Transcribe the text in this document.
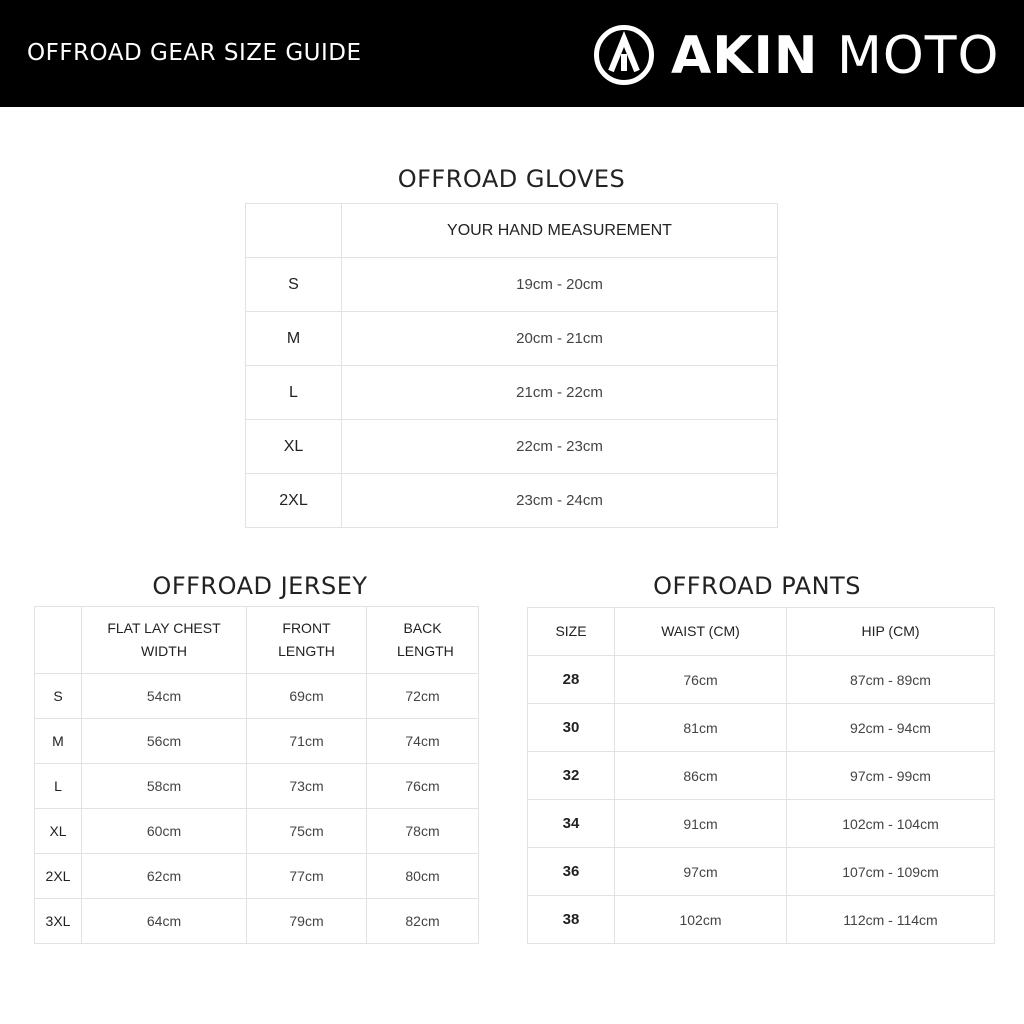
OFFROAD GEAR SIZE GUIDE	AKIN MOTO
OFFROAD GLOVES
	YOUR HAND MEASUREMENT
S	19cm - 20cm
M	20cm - 21cm
L	21cm - 22cm
XL	22cm - 23cm
2XL	23cm - 24cm
OFFROAD JERSEY
	FLAT LAY CHEST WIDTH	FRONT LENGTH	BACK LENGTH
S	54cm	69cm	72cm
M	56cm	71cm	74cm
L	58cm	73cm	76cm
XL	60cm	75cm	78cm
2XL	62cm	77cm	80cm
3XL	64cm	79cm	82cm
OFFROAD PANTS
SIZE	WAIST (CM)	HIP (CM)
28	76cm	87cm - 89cm
30	81cm	92cm - 94cm
32	86cm	97cm - 99cm
34	91cm	102cm - 104cm
36	97cm	107cm - 109cm
38	102cm	112cm - 114cm
